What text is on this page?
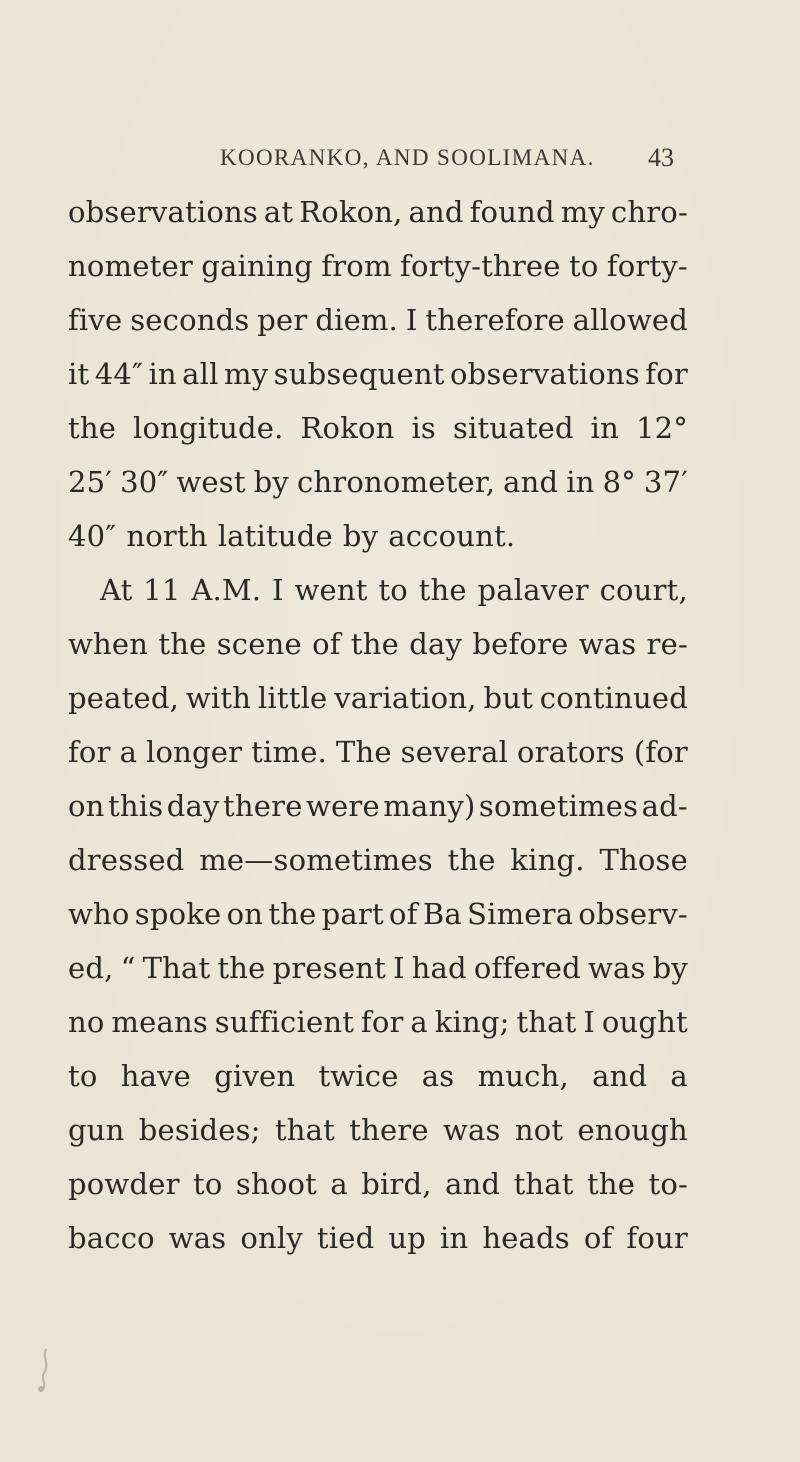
KOORANKO, AND SOOLIMANA. 43
observations at Rokon, and found my chro-
nometer gaining from forty-three to forty-
five seconds per diem. I therefore allowed
it 44″ in all my subsequent observations for
the longitude. Rokon is situated in 12°
25′ 30″ west by chronometer, and in 8° 37′
40″ north latitude by account.
At 11 A.M. I went to the palaver court,
when the scene of the day before was re-
peated, with little variation, but continued
for a longer time. The several orators (for
on this day there were many) sometimes ad-
dressed me—sometimes the king. Those
who spoke on the part of Ba Simera observ-
ed, “ That the present I had offered was by
no means sufficient for a king; that I ought
to have given twice as much, and a
gun besides; that there was not enough
powder to shoot a bird, and that the to-
bacco was only tied up in heads of four
